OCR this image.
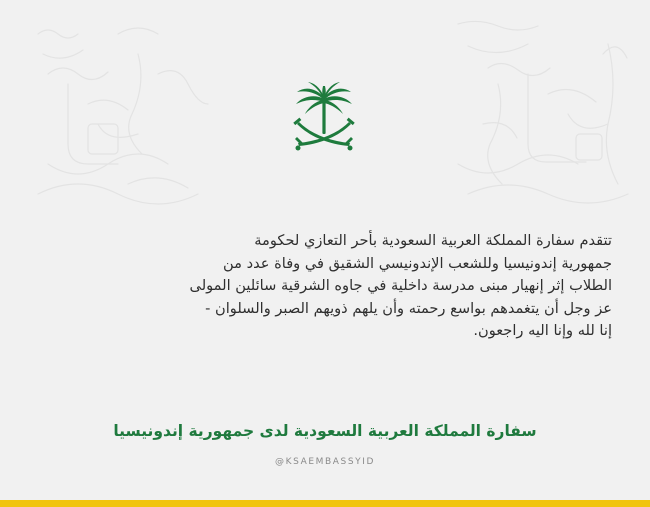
تتقدم سفارة المملكة العربية السعودية بأحر التعازي لحكومة
جمهورية إندونيسيا وللشعب الإندونيسي الشقيق في وفاة عدد من
الطلاب إثر إنهيار مبنى مدرسة داخلية في جاوه الشرقية سائلين المولى
عز وجل أن يتغمدهم بواسع رحمته وأن يلهم ذويهم الصبر والسلوان -
إنا لله وإنا اليه راجعون.

سفارة المملكة العربية السعودية لدى جمهورية إندونيسيا

@KSAEMBASSYID
